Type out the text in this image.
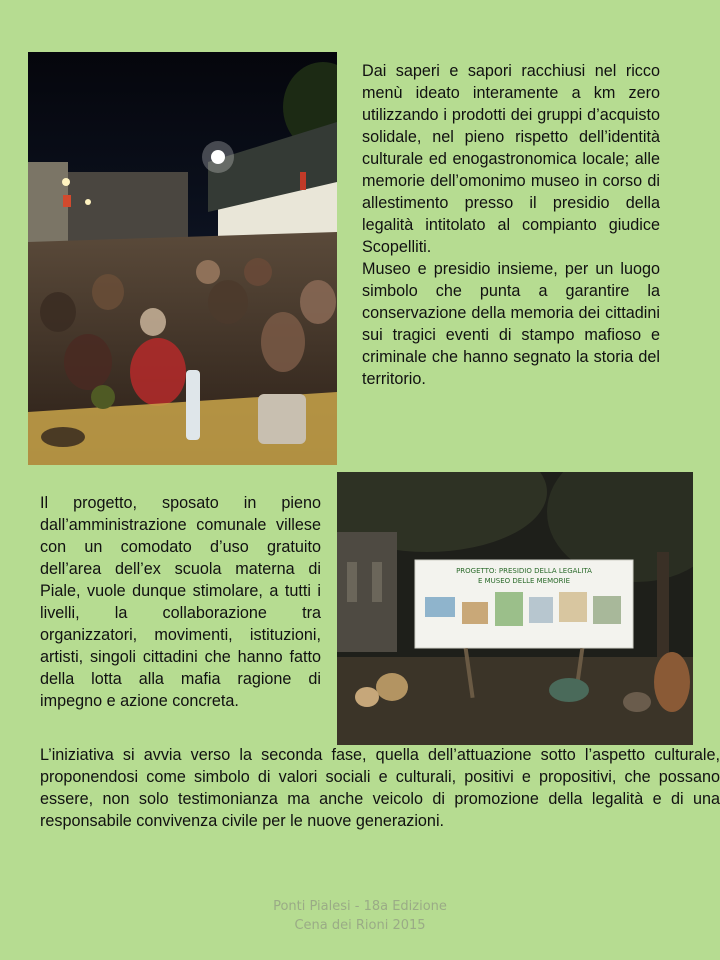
PROGETTO: PRESIDIO DELLA LEGALITA
E MUSEO DELLE MEMORIE

Dai saperi e sapori racchiusi nel ricco menù ideato interamente a km zero utilizzando i prodotti dei gruppi d’acquisto solidale, nel pieno rispetto dell’identità culturale ed enogastronomica locale; alle memorie dell’omonimo museo in corso di allestimento presso il presidio della legalità intitolato al compianto giudice Scopelliti.

Museo e presidio insieme, per un luogo simbolo che punta a garantire la conservazione della memoria dei cittadini sui tragici eventi di stampo mafioso e criminale che hanno segnato la storia del territorio.

Il progetto, sposato in pieno dall’amministrazione comunale villese con un comodato d’uso gratuito dell’area dell’ex scuola materna di Piale, vuole dunque stimolare, a tutti i livelli, la collaborazione tra organizzatori, movimenti, istituzioni, artisti, singoli cittadini che hanno fatto della lotta alla mafia ragione di impegno e azione concreta.

L’iniziativa si avvia verso la seconda fase, quella dell’attuazione sotto l’aspetto culturale, proponendosi come simbolo di valori sociali e culturali, positivi e propositivi, che possano essere, non solo testimonianza ma anche veicolo di promozione della legalità e di una responsabile convivenza civile per le nuove generazioni.

Ponti Pialesi - 18a Edizione
Cena dei Rioni 2015
